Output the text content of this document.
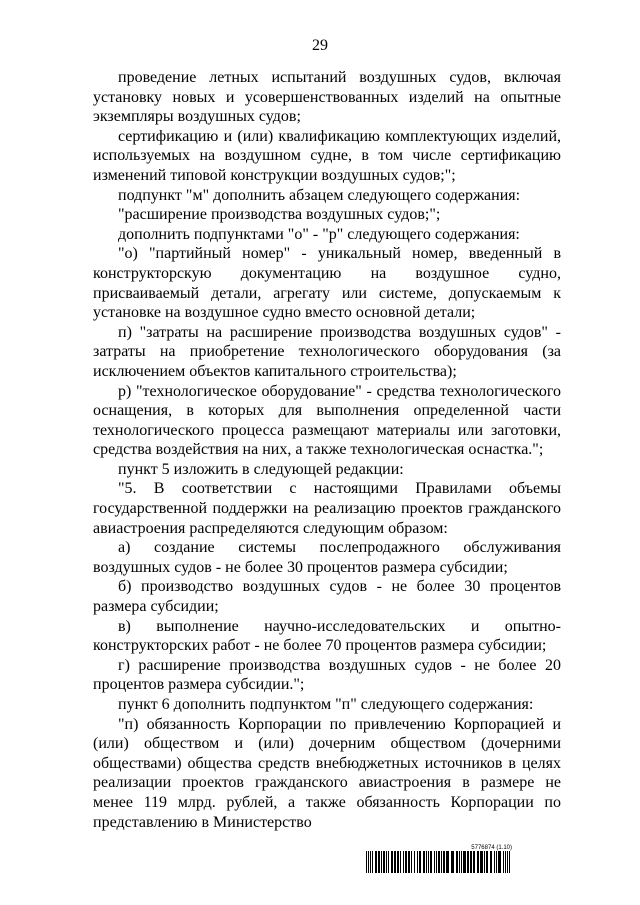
29

проведение летных испытаний воздушных судов, включая установку новых и усовершенствованных изделий на опытные экземпляры воздушных судов;

сертификацию и (или) квалификацию комплектующих изделий, используемых на воздушном судне, в том числе сертификацию изменений типовой конструкции воздушных судов;";

подпункт "м" дополнить абзацем следующего содержания:

"расширение производства воздушных судов;";

дополнить подпунктами "о" - "р" следующего содержания:

"о) "партийный номер" - уникальный номер, введенный в конструкторскую документацию на воздушное судно, присваиваемый детали, агрегату или системе, допускаемым к установке на воздушное судно вместо основной детали;

п) "затраты на расширение производства воздушных судов" - затраты на приобретение технологического оборудования (за исключением объектов капитального строительства);

р) "технологическое оборудование" - средства технологического оснащения, в которых для выполнения определенной части технологического процесса размещают материалы или заготовки, средства воздействия на них, а также технологическая оснастка.";

пункт 5 изложить в следующей редакции:

"5. В соответствии с настоящими Правилами объемы государственной поддержки на реализацию проектов гражданского авиастроения распределяются следующим образом:

а) создание системы послепродажного обслуживания воздушных судов - не более 30 процентов размера субсидии;

б) производство воздушных судов - не более 30 процентов размера субсидии;

в) выполнение научно-исследовательских и опытно-конструкторских работ - не более 70 процентов размера субсидии;

г) расширение производства воздушных судов - не более 20 процентов размера субсидии.";

пункт 6 дополнить подпунктом "п" следующего содержания:

"п) обязанность Корпорации по привлечению Корпорацией и (или) обществом и (или) дочерним обществом (дочерними обществами) общества средств внебюджетных источников в целях реализации проектов гражданского авиастроения в размере не менее 119 млрд. рублей, а также обязанность Корпорации по представлению в Министерство

5776874 (1.10)
